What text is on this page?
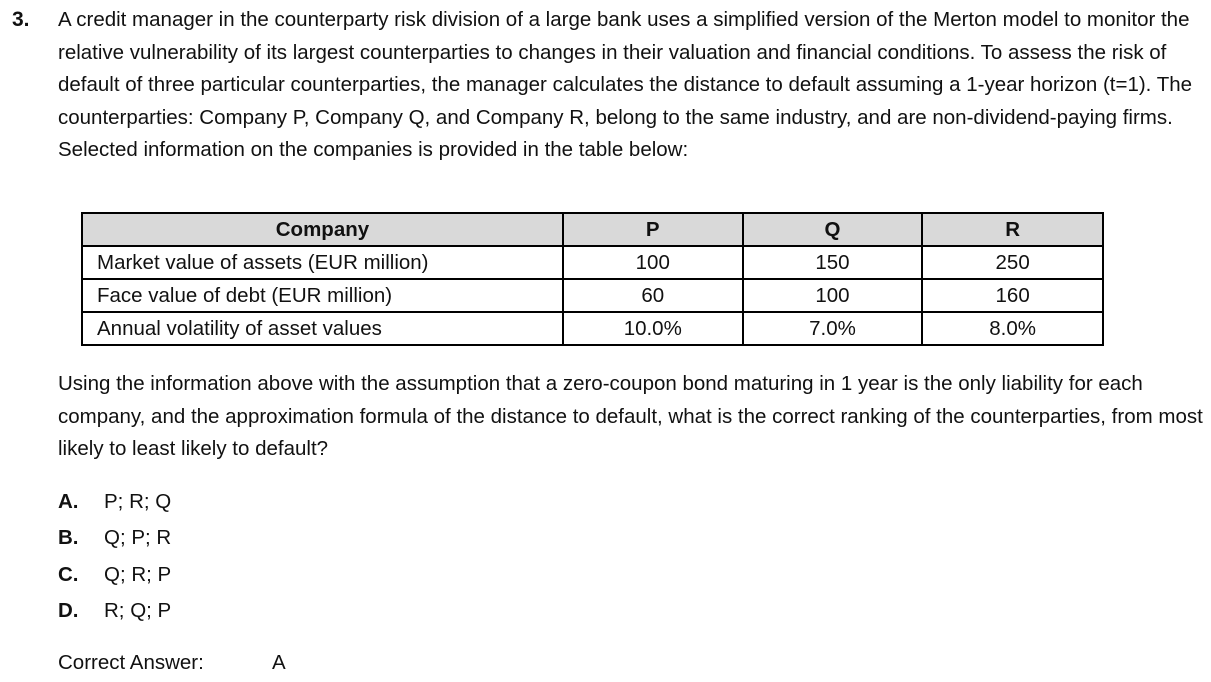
3. A credit manager in the counterparty risk division of a large bank uses a simplified version of the Merton model to monitor the relative vulnerability of its largest counterparties to changes in their valuation and financial conditions. To assess the risk of default of three particular counterparties, the manager calculates the distance to default assuming a 1-year horizon (t=1). The counterparties: Company P, Company Q, and Company R, belong to the same industry, and are non-dividend-paying firms. Selected information on the companies is provided in the table below:
Company	P	Q	R
Market value of assets (EUR million)	100	150	250
Face value of debt (EUR million)	60	100	160
Annual volatility of asset values	10.0%	7.0%	8.0%
Using the information above with the assumption that a zero-coupon bond maturing in 1 year is the only liability for each company, and the approximation formula of the distance to default, what is the correct ranking of the counterparties, from most likely to least likely to default?
A. P; R; Q
B. Q; P; R
C. Q; R; P
D. R; Q; P
Correct Answer:	A
